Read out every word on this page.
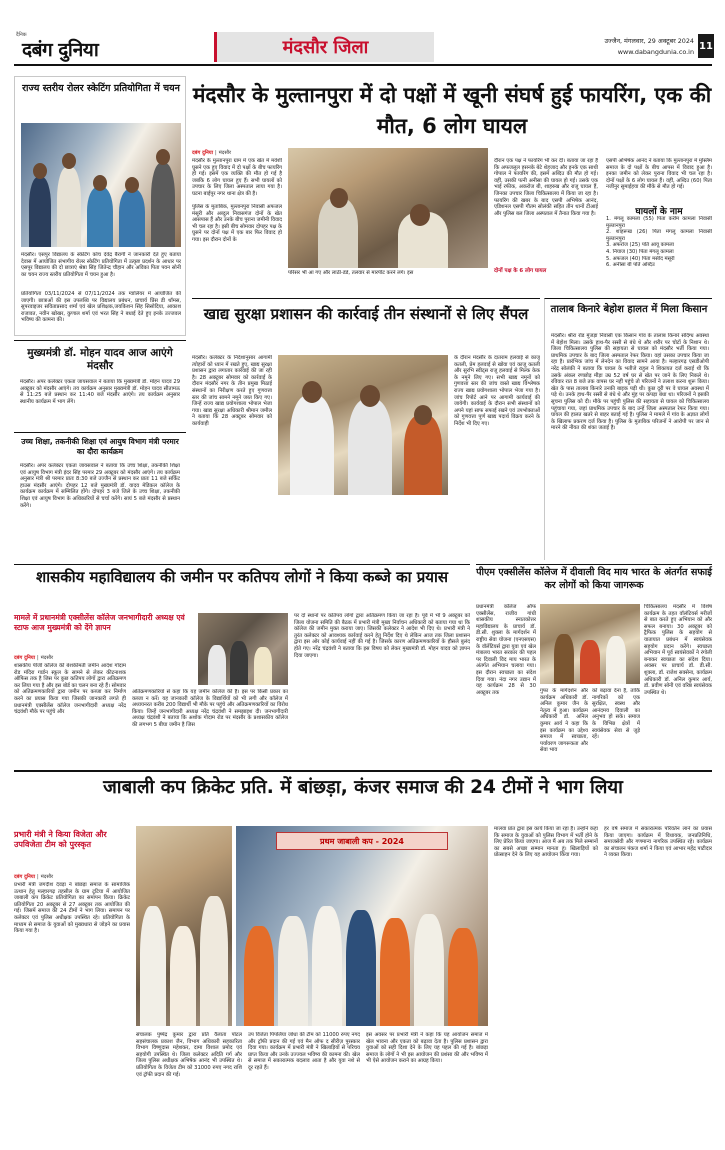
दैनिक
दबंग दुनिया	मंदसौर जिला	उज्जैन, मंगलवार, 29 अक्टूबर 2024
www.dabangdunia.co.in
11
राज्य स्तरीय रोलर स्केटिंग प्रतियोगिता में चयन
मंदसौर। एसपुर विद्यालय के स्केटिंग कोच देवेंद्र बैरागी ने जानकारी देते हुए बताया देवास में आयोजित संभागीय रोलर स्केटिंग प्रतियोगिता में उत्कृष्ट प्रदर्शन के आधार पर एसपुर विद्यालय की दो छात्राएं श्रेष्ठा सिंह जितेन्द्र चौहान और अविका पिता पवन सोनी का चयन राज्य स्तरीय प्रतियोगिता में चयन हुआ है।
प्रतियोगिता 03/11/2024 से 07/11/2024 तक ग्वालियर में आयोजित की जाएगी। छात्राओं की इस उपलब्धि पर विद्यालय प्रबंधन, प्राचार्य प्रिंस डी थॉमस, सुपरवाइजर सविताप्रसाद शर्मा एवं खेल प्रशिक्षक,जयकिशन सिंह सिसोदिया, आकाश राजावत, नवीन खोखर, कुणाल शर्मा एवं भरत सिंह ने बधाई देते हुए इनके उज्जवल भविष्य की कामना की।
मुख्यमंत्री डॉ. मोहन यादव आज आएंगे मंदसौर
मंदसौर। अपर कलेक्टर एकता जायसवाल ने बताया कि मुख्यमंत्री डॉ. मोहन यादव 29 अक्टूबर को मंदसौर आएंगे। तय कार्यक्रम अनुसार मुख्यमंत्री डॉ. मोहन यादव सीतामऊ से 11:25 बजे प्रस्थान कर 11:40 बजे मंदसौर आएंगे। तय कार्यक्रम अनुसार स्थानीय कार्यक्रम में भाग लेंगे।
उच्च शिक्षा, तकनीकी शिक्षा एवं आयुष विभाग मंत्री परमार का दौरा कार्यक्रम
मंदसौर। अपर कलेक्टर एकता जायसवाल ने बताया कि उच्च शिक्षा, तकनीकी शिक्षा एवं आयुष विभाग मंत्री इंदर सिंह परमार 29 अक्टूबर को मंदसौर आएंगे। तय कार्यक्रम अनुसार मंत्री श्री परमार प्रातः 8:30 बजे उज्जैन से प्रस्थान कर प्रातः 11 बजे सर्किट हाउस मंदसौर आएंगे। दोपहर 12 बजे मुख्यमंत्री डॉ. यादव मेडिकल कॉलेज के कार्यक्रम कार्यक्रम में सम्मिलित होंगे। दोपहर 3 बजे जिले के उच्च शिक्षा, तकनीकी शिक्षा एवं आयुष विभाग के अधिकारियों से चर्चा करेंगे। सायं 5 बजे मंदसौर से प्रस्थान करेंगे।
मंदसौर के मुल्तानपुरा में दो पक्षों में खूनी संघर्ष हुई फायरिंग, एक की मौत, 6 लोग घायल
दबंग दुनिया | मंदसौर
मंदसौर के मुल्तानपुरा ग्राम में एक खेत में मवेशी घुसने एक हुए विवाद में दो पक्षों के बीच फायरिंग हो गई। इसमें एक व्यक्ति की मौत हो गई है जबकि 6 लोग घायल हुए हैं। सभी घायलों को उपचार के लिए जिला अस्पताल लाया गया है। घटना बाईपुर नगर थाना क्षेत्र की है।
पुलिस के मुताबिक, मुल्तानपुरा निवासी अफजल मंसूरी और अब्दुल निवासगंज दोनों के खेत आसपास हैं और उनके बीच पुराना जमीनी विवाद भी चल रहा है। इसी बीच सोमवार दोपहर पक्ष के घुसने पर दोनों पक्ष में एक बार फिर विवाद हो गया। इस दौरान दोनों के
परिसर भी आ गए और लाठी-डंडे, तलवार से मारपीट करने लगे। इस
दौरान एक पक्ष ने फायरिंग भी कर दी। बताया जा रहा है कि अफजलुल हसनके बेटे शेहजाद और इनके एक साथी गोपाल ने फायरिंग की, इसमें अब्दिउ की मौत हो गई। वहीं, उसकी पत्नी अनीसा की घायल हो गई। उसके एक भाई रफीक, अकरोज बी, शाहरुख और राजू घायल हैं, जिनका उपचार जिला चिकित्सालय में किया जा रहा है। फायरिंग की खबर के बाद एसपी अभिषेक आनंद, एडिशनल एसपी गौतम सोलंकी सहित तीन थानों टीआई और पुलिस बल जिला अस्पताल में तैनात किया गया है।
दोनों पक्ष के 6 लोग घायल
एसपी अभिषेक आनंद ने बताया कि मुल्तानपुरा में मुस्लिम समाज के दो पक्षों के बीच आपस में विवाद हुआ है। इनका जमीन को लेकर पुराना विवाद भी चल रहा है। दोनों पक्षों के 6 लोग घायल हैं। वहीं, अब्दिउ (60) पिता नजीनुर सुमाईहया की मौके से मौत हो गई।
घायलों के नाम
1. मंगलू कामला (55) पिता करीम कामला निवासी मुल्तानपुरा
2. शाहरूख (26) पिता मंगलू कामला निवासी मुल्तानपुरा
3. अफरोज (25) पति आयू कामला
4. नियाज (30) पिता मंगलू कामला
5. अफजल (40) पिता मसीद मंसूरी
6. अनीसा बी पति अब्दिउ
खाद्य सुरक्षा प्रशासन की कार्रवाई तीन संस्थानों से लिए सैंपल
मंदसौर। कलेक्टर के निर्देशानुसार आगामी त्योहारों को ध्यान में रखते हुए, खाद्य सुरक्षा प्रशासन द्वारा लगातार कार्रवाई की जा रही है। 28 अक्टूबर सोमवार को कार्रवाई के दौरान मंदसौर नगर के तीन प्रमुख मिठाई संस्थानों का निरीक्षण करते हुए गुणवत्ता स्तर की जांच सामने नमूने जब्त किए गए। जिन्हें राज्य खाद्य प्रयोगशाला भोपाल भेजा गया। खाद्य सुरक्षा अधिकारी श्रीमान जमील ने बताया कि 28 अक्टूबर सोमवार को कार्यवाही
के दौरान मंदसौर के दातराम हलवाई से काजू कतली, प्रेम हलवाई से खोवा एवं काजू कतली और सुरभि स्वीट्स राजू हलवाई से मिल्क केक के नमूने लिए गए। सभी खाद्य नमूनों को गुणवत्ता स्तर की जांच वास्ते खाद्य विश्लेषक राज्य खाद्य प्रयोगशाला भोपाल भेजा गया है। जांच रिपोर्ट आने पर आगामी कार्यवाई की जायेगी। कार्यवाई के दौरान सभी संस्थानों को अपने यहां साफ सफाई रखने एवं उपभोक्ताओं को गुणवत्ता पूर्ण खाद्य पदार्थ विक्रय करने के निर्देश भी दिए गए।
तालाब किनारे बेहोश हालत में मिला किसान
मंदसौर। श्रीरा रोड मुंजड़ा निवासी एक किसान गांव के तालाब किनारे संदिग्ध अवस्था में बेहोश मिला। उसके हाथ-पैर रस्सी से बंधे थे और शरीर पर चोटों के निशान थे। जिला चिकित्सालय पुलिस की सहायता से घायल को मंदसौर भर्ती किया गया। प्राथमिक उपचार के बाद जिला अस्पताल रेफर किया। वहां उसका उपचार किया जा रहा है। प्रारंभिक जांच में लेनदेन का विवाद सामने आया है। मल्हारगढ़ एसडीओपी नरेंद्र सोलंकी ने बताया कि घायल के भतीजे राहुल ने शिकायत दर्ज कराई थी कि उसके अंकल रणछोड़ मीड़ा उम्र 52 वर्ष घर से खेत पर जाने के लिए निकले थे। रविवार रात 8 बजे तक वापस घर नहीं पहुंचे तो परिजनों ने तलाश करना शुरू किया। खेत के पास तालाब किनारे उनकी बाइक पड़ी थी। कुछ दूरी पर वे घायल अवस्था में पड़े थे। उनके हाथ-पैर रस्सी से बंधे थे और मुंह पर कपड़ा बंधा था। परिजनों ने इसकी सूचना पुलिस को दी। मौके पर पहुंची पुलिस की सहायता से घायल को चिकित्सालय पहुंचाया गया, जहां प्राथमिक उपचार के बाद उन्हें जिला अस्पताल रेफर किया गया। घायल की हालत खतरे से बाहर बताई गई है। पुलिस ने मामले में गांव के अज्ञात लोगों के खिलाफ प्रकरण दर्ज किया है। पुलिस के मुताबिक परिजनों ने आरोपी पर जान से मारने की नीयत की शंका जताई है।
शासकीय महाविद्यालय की जमीन पर कतिपय लोगों ने किया कब्जे का प्रयास
मामले में प्रधानमंत्री एक्सीलेंस कॉलेज जनभागीदारी अध्यक्ष एवं स्टाफ आज मुख्यमंत्री को देंगे ज्ञापन
दबंग दुनिया | मंदसौर
शासकीय पीजी कॉलेज की बेशकीमती जमीन आदेश गोदाम रोड मंदिरा गार्डन स्कूल के सामने से लेकर कीटनाशक ऑफिस तक है जिस पर कुछ कतिपय लोगों द्वारा अतिक्रमण कर लिया गया है और इस बोर्ड का चलन बना रहे हैं। सोमवार को अतिक्रमणकारियों द्वारा जमीन पर कब्जा कर निर्माण करने का प्रयास किया गया जिसकी जानकारी लगते ही प्रधानमंत्री एक्सीलेंस कॉलेज जनभागीदारी अध्यक्ष नरेंद्र चंद्रवंशी मौके पर पहुंचे और
अतिक्रमणकारियों से कहा कि यह जमीन कॉलेज की है। इस पर किसी प्रकार का कब्जा न करें। यह जानकारी कॉलेज के विद्यार्थियों को भी लगी और कॉलेज में अध्ययनरत करीब 200 विद्यार्थी भी मौके पर पहुंचे और अतिक्रमणकारियों का विरोध किया। जिन्हें जनभागीदारी अध्यक्ष नरेंद्र चंद्रवंशी ने समझाइश दी। जनभागीदारी अध्यक्ष चंद्रवंशी ने बताया कि अशोक गोदाम रोड पर मंदसौर के प्रशासकीय कॉलेज की लगभग 5 बीघा जमीन है जिस
पर दो स्थानों पर कतिपय लोगों द्वारा अतिक्रमण किया जा रहा है। पूर्व में भी 9 अक्टूबर को जिला योजना समिति की बैठक में प्रभारी मंत्री मुख्य निर्वाचन अधिकारी को बताया गया था कि कॉलेज की जमीन मुक्त कराया जाए। जिसकी कलेक्टर ने आदेश भी दिए थे। प्रभारी मंत्री ने तुरंत कलेक्टर को आवश्यक कार्रवाई करने हेतु निर्देश दिए थे लेकिन आज तक जिला प्रशासन द्वारा इस ओर कोई कार्यवाई नहीं की गई है। जिसके कारण अतिक्रमणकारियों के हौसले बुलंद होते गए। नरेंद्र चंद्रवंशी ने बताया कि इस विषय को लेकर मुख्यमंत्री डॉ. मोहन यादव को ज्ञापन दिया जाएगा।
पीएम एक्सीलेंस कॉलेज में दीवाली विद माय भारत के अंतर्गत सफाई कर लोगों को किया जागरूक
प्रधानमंत्री कॉलेज ऑफ एक्सीलेंस, राजीव गांधी शासकीय स्नातकोत्तर महाविद्यालय के प्राचार्य डॉ. डी.सी. शुक्ला के मार्गदर्शन में राष्ट्रीय सेवा योजना (एनएसएस) के वॉलेंटियर्स द्वारा युवा एवं खेल मंत्रालय भारत सरकार की पहल पर दिवाली विद माय भारत के अंतर्गत अभियान चलाया गया। इस दौरान स्वच्छता का संदेश दिया गया। नंदा नगर उद्यान में यह कार्यक्रम 28 से 30 अक्टूबर तक	गुफा के मार्गदर्शन और कार्यक्रम अधिकारी डॉ. अनिल कुमार जैन के नेतृत्व में हुआ। कार्यक्रम अधिकारी डॉ. अनिल कुमार आर्य ने कहा कि इस कार्यक्रम का उद्देश्य समाज में स्वच्छता, पर्यावरण जागरूकता और सेवा भाव
को बढ़ावा देना है, ताकि नागरिकों को एक सुरक्षित, स्वस्थ और आनंदमय दिवाली का अनुभव हो सके। समाज के विभिन्न क्षेत्रों में स्वयंसेवक सेवा से जुड़े रहें।
चिकित्सालय मंदसौर में विशेष कार्यक्रम के तहत वॉलंटियर्स मरीजों से बात करते हुए अभियान को और सफल बनाया। 30 अक्टूबर को ट्रैफिक पुलिस के सहयोग से यातायात प्रबंधन में स्वयंसेवक सहयोग प्रदान करेंगे। स्वच्छता अभियान में पूर्व स्वयंसेवकों ने रंगोली बनाकर स्वच्छता का संदेश दिया। अवसर पर प्राचार्य डॉ. डी.सी. शुक्ला, डॉ. राजेश सक्सेना, कार्यक्रम अधिकारी डॉ. अनिल कुमार आर्य, डॉ. प्रवीण सोनी एवं वरिष्ठ स्वयंसेवक उपस्थित थे।
जाबाली कप क्रिकेट प्रति. में बांछड़ा, कंजर समाज की 24 टीमों ने भाग लिया
प्रभारी मंत्री ने किया विजेता और उपविजेता टीम को पुरस्कृत
दबंग दुनिया | मंदसौर
प्रभारी मंत्री जगदीश देवड़ा ने बांछड़ा समाज के सामाजिक उत्थान हेतु मल्हारगढ़ तहसील के ग्राम टूटिया में आयोजित जाबाली कप क्रिकेट प्रतियोगिता का समापन किया। क्रिकेट प्रतियोगिता 20 अक्टूबर से 27 अक्टूबर तक आयोजित की गई। जिसमें समाज की 24 टीमों ने भाग लिया। समापन पर कलेक्टर एवं पुलिस अधीक्षक उपस्थित रहे। प्रतियोगिता के माध्यम से समाज के युवाओं को मुख्यधारा से जोड़ने का प्रयास किया गया है।
प्रथम जाबाली कप - 2024
संचालक पुष्पेंद्र कुमार द्वारा प्रति वैलाता पोटल सहसंचालक प्रकाश जैन, विभाग अधिकारी सहकारिता विभाग विष्णुदास महेशकर, दामा विशाल प्रमोद एवं सहयोगी उपस्थित थे। जिला कलेक्टर अदिति गर्ग और जिला पुलिस अधीक्षक अभिषेक आनंद भी उपस्थित थे। प्रतियोगिता के विजेता टीम को 31000 रुपए नगद राशि एवं ट्रॉफी प्रदान की गई।
उप विजेता पिपलिया जोधा की टीम को 11000 रुपए नगद और ट्रॉफी प्रदान की गई एवं मैन ऑफ द सीरीज़ पुरस्कार दिया गया। कार्यक्रम में प्रभारी मंत्री ने खिलाड़ियों से परिचय प्राप्त किया और उनके उज्ज्वल भविष्य की कामना की। खेल से समाज में सकारात्मक बदलाव आता है और युवा नशे से दूर रहते हैं।
इस अवसर पर प्रभारी मंत्री ने कहा कि यह आयोजन समाज में खेल भावना और एकता को बढ़ावा देता है। पुलिस प्रशासन द्वारा युवाओं को सही दिशा देने के लिए यह पहल की गई है। बांछड़ा समाज के लोगों ने भी इस आयोजन की प्रशंसा की और भविष्य में भी ऐसे आयोजन कराने का आग्रह किया।
मालवा प्रांत द्वारा इस कार्य किया जा रहा है। उन्होंने कहा कि समाज के युवाओं को पुलिस विभाग में भर्ती होने के लिए प्रेरित किया जाएगा। आज मैं अब तक मिले सम्मानों का सबसे अच्छा सम्मान मानता हूं। खिलाड़ियों को प्रोत्साहन देने के लिए यह आयोजन किया गया।
हर वर्ष समाज में सकारात्मक परिवर्तन लाने का प्रयास किया जाएगा। कार्यक्रम में विधायक, जनप्रतिनिधि, समाजसेवी और गणमान्य नागरिक उपस्थित रहे। कार्यक्रम का संचालन पंकज शर्मा ने किया एवं आभार महेंद्र पाटीदार ने व्यक्त किया।
